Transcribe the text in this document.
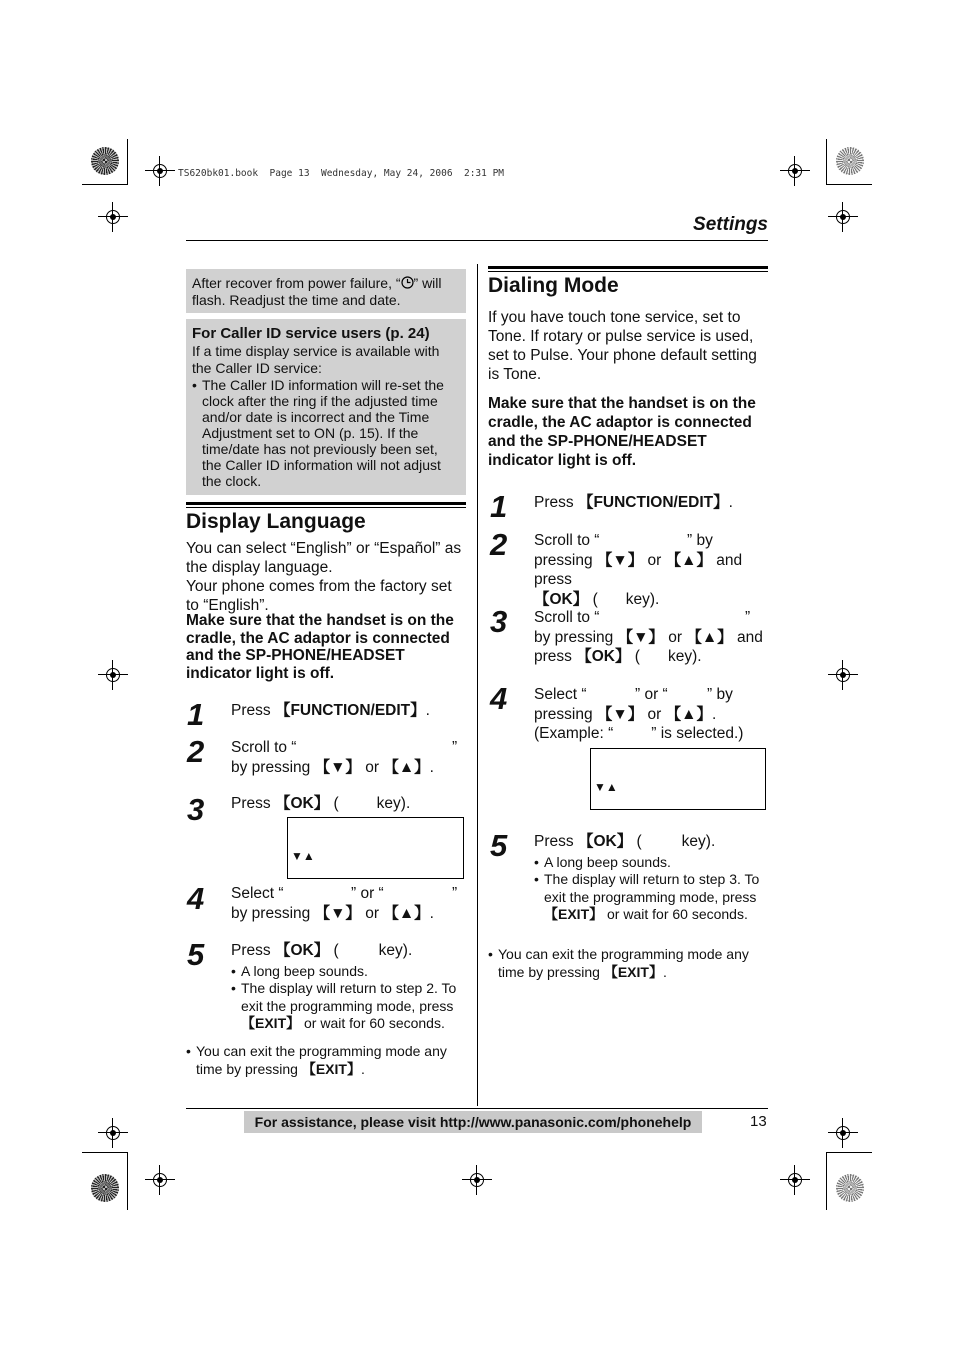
TS620bk01.book  Page 13  Wednesday, May 24, 2006  2:31 PM
Settings
After recover from power failure, “ ” will flash. Readjust the time and date.
For Caller ID service users (p. 24)
If a time display service is available with the Caller ID service:
• The Caller ID information will re-set the clock after the ring if the adjusted time and/or date is incorrect and the Time Adjustment set to ON (p. 15). If the time/date has not previously been set, the Caller ID information will not adjust the clock.
Display Language
You can select “English” or “Español” as the display language.
Your phone comes from the factory set to “English”.
Make sure that the handset is on the cradle, the AC adaptor is connected and the SP-PHONE/HEADSET indicator light is off.
1 Press 【FUNCTION/EDIT】.
2 Scroll to “	”
by pressing 【▼】 or 【▲】.
3 Press 【OK】 ( key).
▼▲
4 Select “	” or “	”
by pressing 【▼】 or 【▲】.
5 Press 【OK】 (	key).
• A long beep sounds.
• The display will return to step 2. To exit the programming mode, press 【EXIT】 or wait for 60 seconds.
• You can exit the programming mode any time by pressing 【EXIT】.
Dialing Mode
If you have touch tone service, set to Tone. If rotary or pulse service is used, set to Pulse. Your phone default setting is Tone.
Make sure that the handset is on the cradle, the AC adaptor is connected and the SP-PHONE/HEADSET indicator light is off.
1 Press 【FUNCTION/EDIT】.
2 Scroll to “	” by
pressing 【▼】 or 【▲】 and press
【OK】 ( key).
3 Scroll to “	”
by pressing 【▼】 or 【▲】 and
press 【OK】 ( key).
4 Select “	” or “	” by
pressing 【▼】 or 【▲】.
(Example: “ ” is selected.)
▼▲
5 Press 【OK】 (	key).
• A long beep sounds.
• The display will return to step 3. To exit the programming mode, press 【EXIT】 or wait for 60 seconds.
• You can exit the programming mode any time by pressing 【EXIT】.
For assistance, please visit http://www.panasonic.com/phonehelp	13
